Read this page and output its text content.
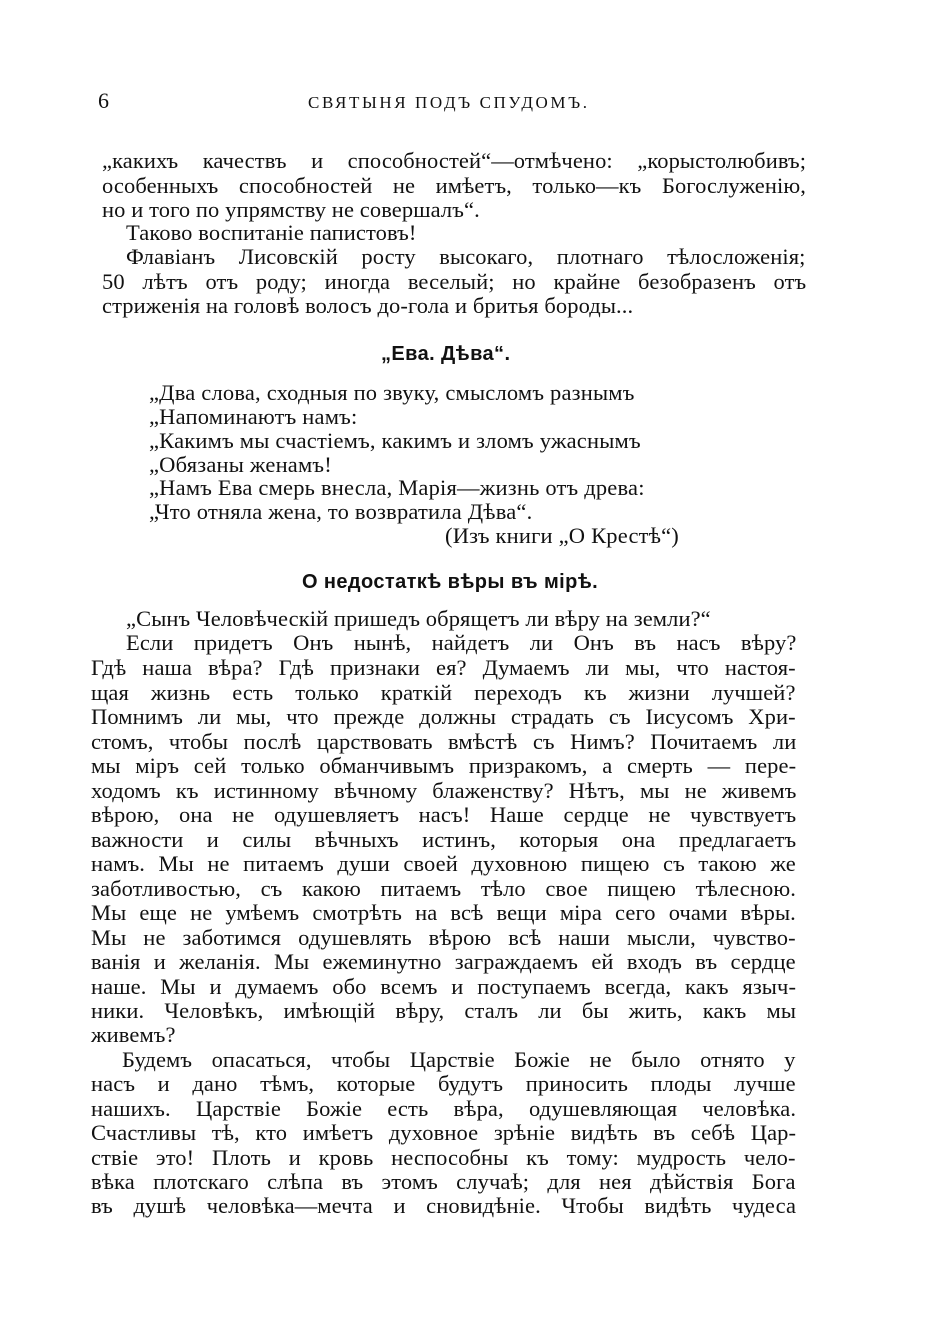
6	СВЯТЫНЯ ПОДЪ СПУДОМЪ.
„какихъ качествъ и способностей“—отмѣчено: „корыстолюбивъ;
особенныхъ способностей не имѣетъ, только—къ Богослуженію,
но и того по упрямству не совершалъ“.
Таково воспитаніе папистовъ!
Флавіанъ Лисовскій росту высокаго, плотнаго тѣлосложенія;
50 лѣтъ отъ роду; иногда веселый; но крайне безобразенъ отъ
стриженія на головѣ волосъ до-гола и бритья бороды...
„Ева. Дѣва“.
„Два слова, сходныя по звуку, смысломъ разнымъ
„Напоминаютъ намъ:
„Какимъ мы счастіемъ, какимъ и зломъ ужаснымъ
„Обязаны женамъ!
„Намъ Ева смерь внесла, Марія—жизнь отъ древа:
„Что отняла жена, то возвратила Дѣва“.
(Изъ книги „О Крестѣ“)
О недостаткѣ вѣры въ мірѣ.
„Сынъ Человѣческій пришедъ обрящетъ ли вѣру на земли?“
Если придетъ Онъ нынѣ, найдетъ ли Онъ въ насъ вѣру?
Гдѣ наша вѣра? Гдѣ признаки ея? Думаемъ ли мы, что настоя-
щая жизнь есть только краткій переходъ къ жизни лучшей?
Помнимъ ли мы, что прежде должны страдать съ Іисусомъ Хри-
стомъ, чтобы послѣ царствовать вмѣстѣ съ Нимъ? Почитаемъ ли
мы міръ сей только обманчивымъ призракомъ, а смерть — пере-
ходомъ къ истинному вѣчному блаженству? Нѣтъ, мы не живемъ
вѣрою, она не одушевляетъ насъ! Наше сердце не чувствуетъ
важности и силы вѣчныхъ истинъ, которыя она предлагаетъ
намъ. Мы не питаемъ души своей духовною пищею съ такою же
заботливостью, съ какою питаемъ тѣло свое пищею тѣлесною.
Мы еще не умѣемъ смотрѣть на всѣ вещи міра сего очами вѣры.
Мы не заботимся одушевлять вѣрою всѣ наши мысли, чувство-
ванія и желанія. Мы ежеминутно заграждаемъ ей входъ въ сердце
наше. Мы и думаемъ обо всемъ и поступаемъ всегда, какъ языч-
ники. Человѣкъ, имѣющій вѣру, сталъ ли бы жить, какъ мы
живемъ?
Будемъ опасаться, чтобы Царствіе Божіе не было отнято у
насъ и дано тѣмъ, которые будутъ приносить плоды лучше
нашихъ. Царствіе Божіе есть вѣра, одушевляющая человѣка.
Счастливы тѣ, кто имѣетъ духовное зрѣніе видѣть въ себѣ Цар-
ствіе это! Плоть и кровь неспособны къ тому: мудрость чело-
вѣка плотскаго слѣпа въ этомъ случаѣ; для нея дѣйствія Бога
въ душѣ человѣка—мечта и сновидѣніе. Чтобы видѣть чудеса
